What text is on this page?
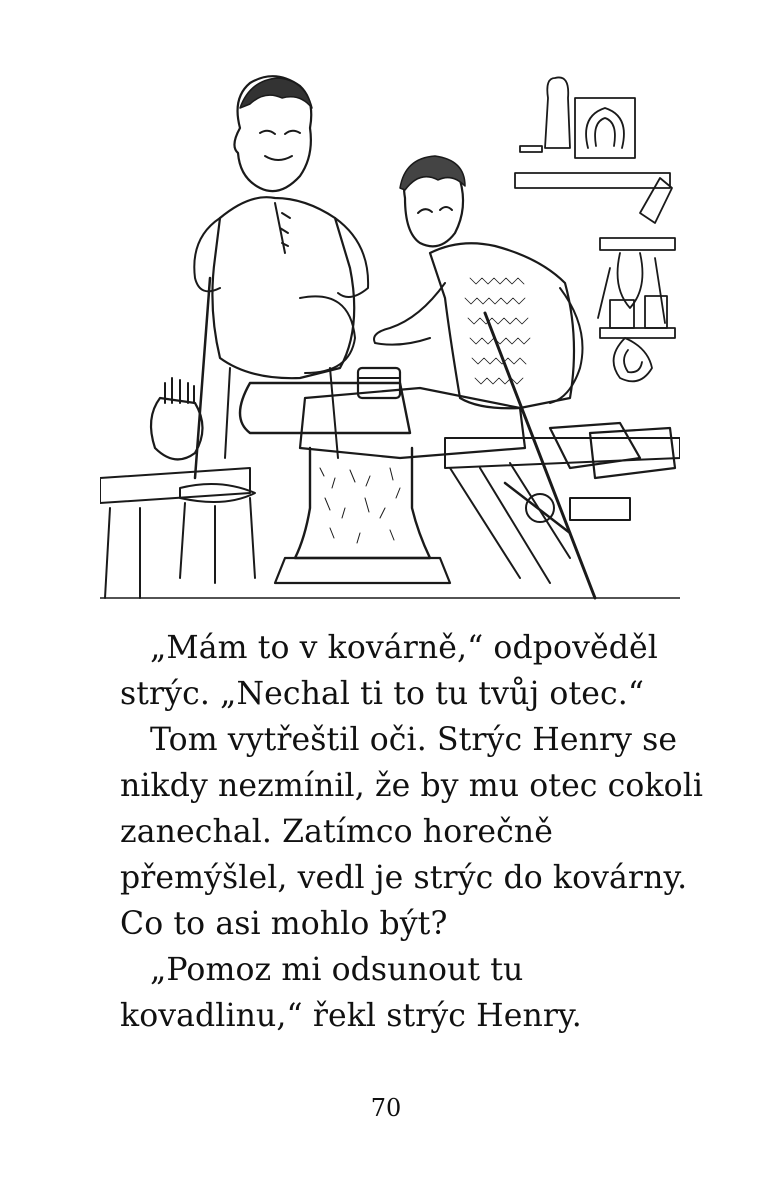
„Mám to v kovárně,“ odpověděl
strýc. „Nechal ti to tu tvůj otec.“

Tom vytřeštil oči. Strýc Henry se
nikdy nezmínil, že by mu otec cokoli
zanechal. Zatímco horečně
přemýšlel, vedl je strýc do kovárny.
Co to asi mohlo být?

„Pomoz mi odsunout tu
kovadlinu,“ řekl strýc Henry.

70
